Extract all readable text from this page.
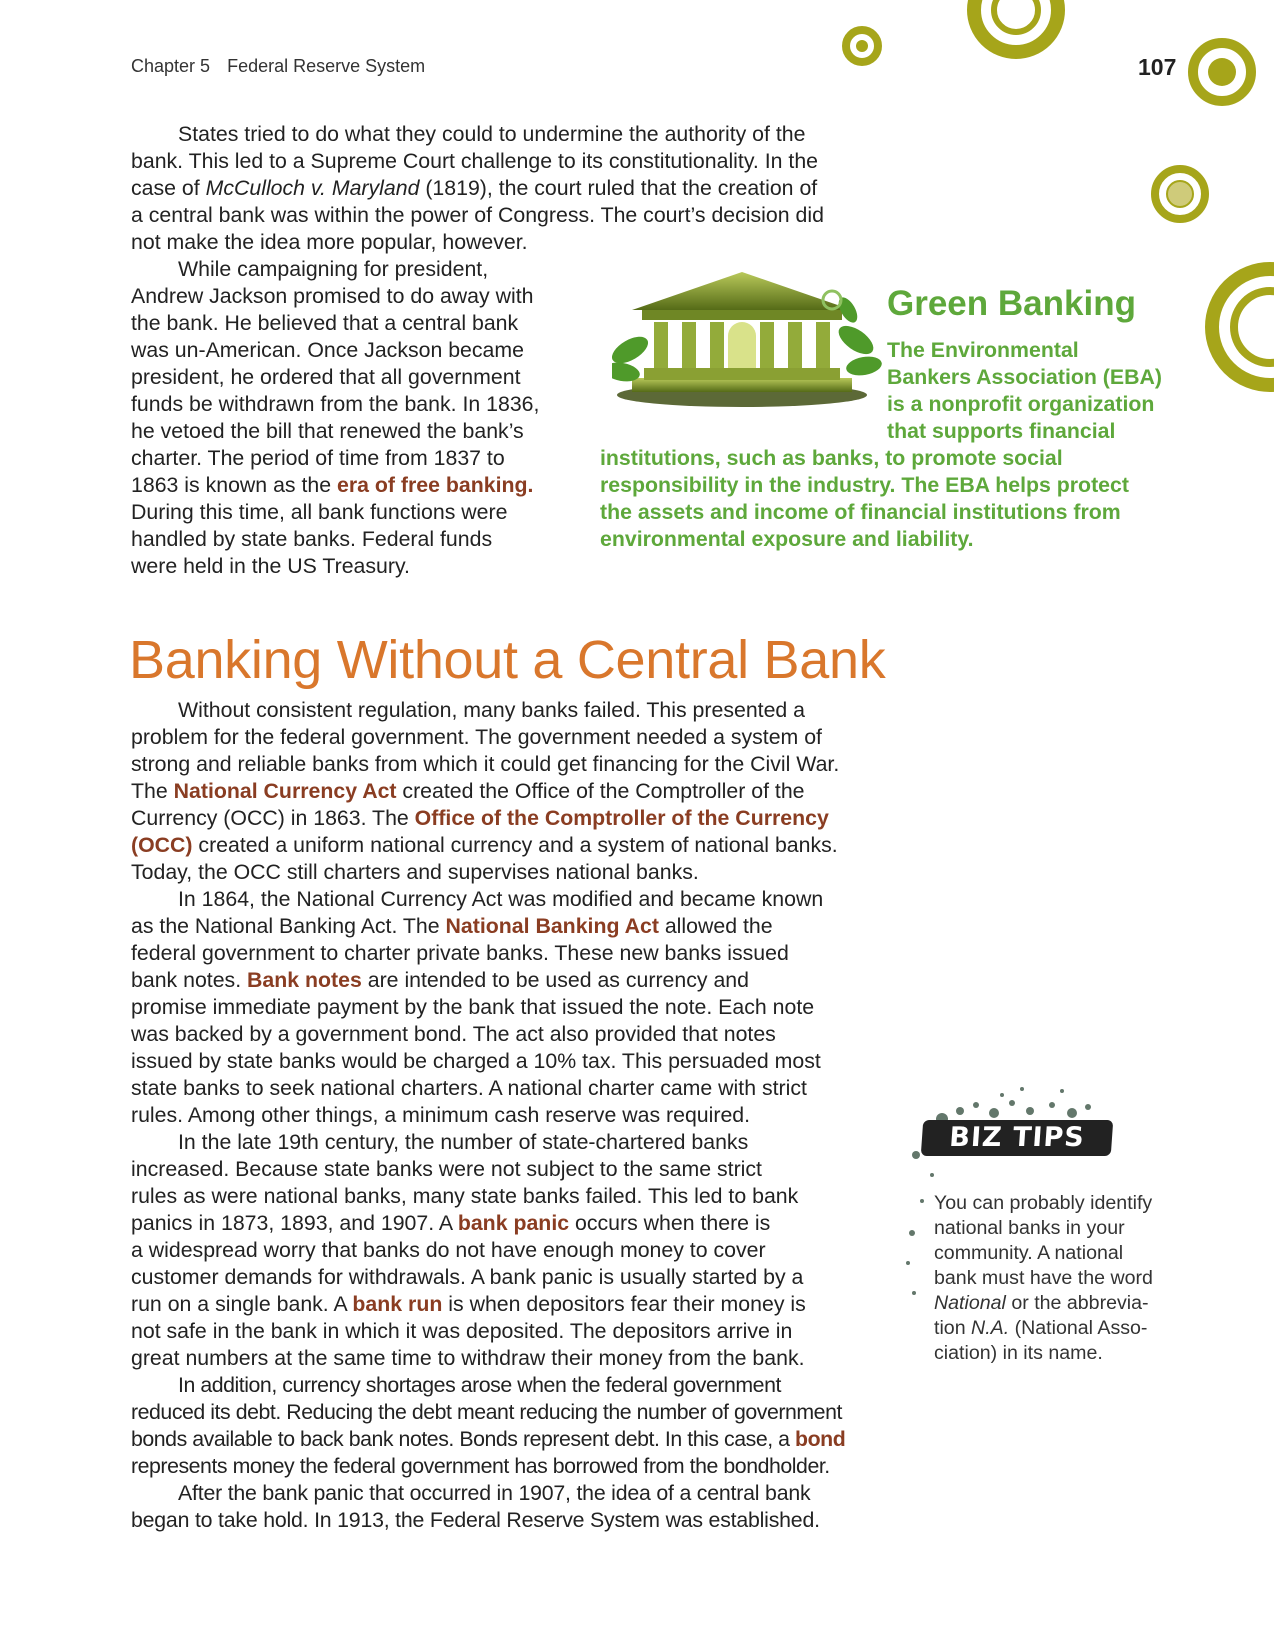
Chapter 5 Federal Reserve System	107

States tried to do what they could to undermine the authority of the
bank. This led to a Supreme Court challenge to its constitutionality. In the
case of McCulloch v. Maryland (1819), the court ruled that the creation of
a central bank was within the power of Congress. The court’s decision did
not make the idea more popular, however.

While campaigning for president,
Andrew Jackson promised to do away with
the bank. He believed that a central bank
was un-American. Once Jackson became
president, he ordered that all government
funds be withdrawn from the bank. In 1836,
he vetoed the bill that renewed the bank’s
charter. The period of time from 1837 to
1863 is known as the era of free banking.
During this time, all bank functions were
handled by state banks. Federal funds
were held in the US Treasury.

Green Banking

The Environmental
Bankers Association (EBA)
is a nonprofit organization
that supports financial

institutions, such as banks, to promote social
responsibility in the industry. The EBA helps protect
the assets and income of financial institutions from
environmental exposure and liability.

Banking Without a Central Bank

Without consistent regulation, many banks failed. This presented a
problem for the federal government. The government needed a system of
strong and reliable banks from which it could get financing for the Civil War.
The National Currency Act created the Office of the Comptroller of the
Currency (OCC) in 1863. The Office of the Comptroller of the Currency
(OCC) created a uniform national currency and a system of national banks.
Today, the OCC still charters and supervises national banks.

In 1864, the National Currency Act was modified and became known
as the National Banking Act. The National Banking Act allowed the
federal government to charter private banks. These new banks issued
bank notes. Bank notes are intended to be used as currency and
promise immediate payment by the bank that issued the note. Each note
was backed by a government bond. The act also provided that notes
issued by state banks would be charged a 10% tax. This persuaded most
state banks to seek national charters. A national charter came with strict
rules. Among other things, a minimum cash reserve was required.

In the late 19th century, the number of state-chartered banks
increased. Because state banks were not subject to the same strict
rules as were national banks, many state banks failed. This led to bank
panics in 1873, 1893, and 1907. A bank panic occurs when there is
a widespread worry that banks do not have enough money to cover
customer demands for withdrawals. A bank panic is usually started by a
run on a single bank. A bank run is when depositors fear their money is
not safe in the bank in which it was deposited. The depositors arrive in
great numbers at the same time to withdraw their money from the bank.

In addition, currency shortages arose when the federal government
reduced its debt. Reducing the debt meant reducing the number of government
bonds available to back bank notes. Bonds represent debt. In this case, a bond
represents money the federal government has borrowed from the bondholder.

After the bank panic that occurred in 1907, the idea of a central bank
began to take hold. In 1913, the Federal Reserve System was established.

BIZ TIPS

You can probably identify
national banks in your
community. A national
bank must have the word
National or the abbrevia-
tion N.A. (National Asso-
ciation) in its name.
